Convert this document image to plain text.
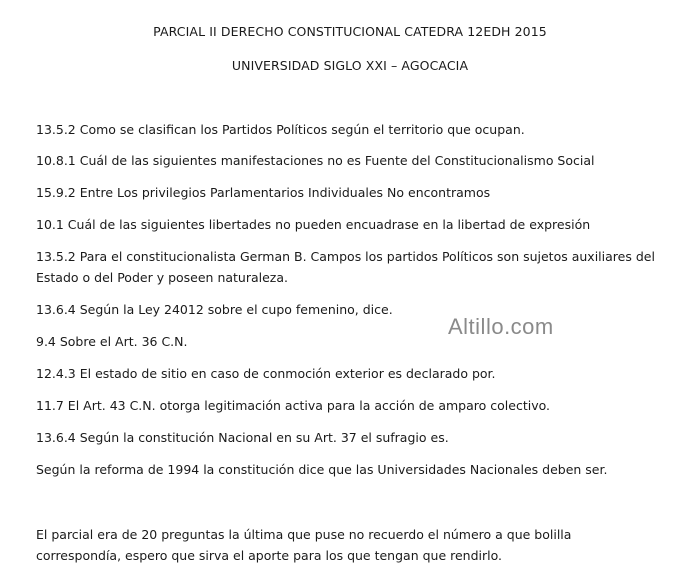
PARCIAL II DERECHO CONSTITUCIONAL CATEDRA 12EDH 2015
UNIVERSIDAD SIGLO XXI – AGOCACIA
13.5.2 Como se clasifican los Partidos Políticos según el territorio que ocupan.
10.8.1 Cuál de las siguientes manifestaciones no es Fuente del Constitucionalismo Social
15.9.2 Entre Los privilegios Parlamentarios Individuales No encontramos
10.1 Cuál de las siguientes libertades no pueden encuadrase en la libertad de expresión
13.5.2 Para el constitucionalista German B. Campos los partidos Políticos son sujetos auxiliares del Estado o del Poder y poseen naturaleza.
13.6.4 Según la Ley 24012 sobre el cupo femenino, dice.
9.4 Sobre el Art. 36 C.N.
12.4.3 El estado de sitio en caso de conmoción exterior es declarado por.
11.7 El Art. 43 C.N. otorga legitimación activa para la acción de amparo colectivo.
13.6.4 Según la constitución Nacional en su Art. 37 el sufragio es.
Según la reforma de 1994 la constitución dice que las Universidades Nacionales deben ser.
El parcial era de 20 preguntas la última que puse no recuerdo el número a que bolilla correspondía, espero que sirva el aporte para los que tengan que rendirlo.
Altillo.com
